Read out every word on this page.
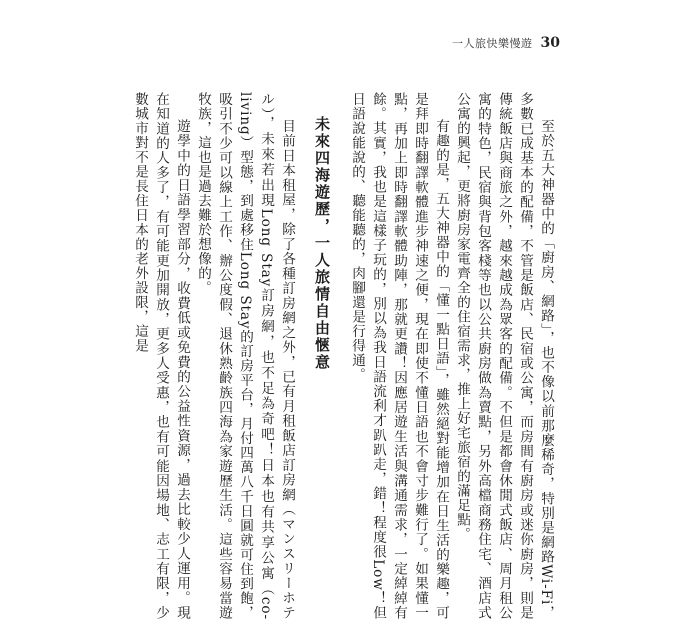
一人旅快樂慢遊 30

至於五大神器中的「廚房、網路」，也不像以前那麼稀奇，特別是網路Wi-Fi，多數已成基本的配備，不管是飯店、民宿或公寓，而房間有廚房或迷你廚房，則是傳統飯店與商旅之外，越來越成為眾客的配備。不但是都會休閒式飯店、周月租公寓的特色，民宿與背包客棧等也以公共廚房做為賣點，另外高檔商務住宅、酒店式公寓的興起，更將廚房家電齊全的住宿需求，推上好宅旅宿的滿足點。

有趣的是，五大神器中的「懂一點日語」，雖然絕對能增加在日生活的樂趣，可是拜即時翻譯軟體進步神速之便，現在即使不懂日語也不會寸步難行了。如果懂一點，再加上即時翻譯軟體助陣，那就更讚！因應居遊生活與溝通需求，一定綽綽有餘。其實，我也是這樣子玩的，別以為我日語流利才趴趴走，錯！程度很Low！但日語說能說的、聽能聽的，肉腳還是行得通。

未來四海遊歷，一人旅情自由愜意

目前日本租屋，除了各種訂房網之外，已有月租飯店訂房網（マンスリーホテル），未來若出現Long Stay訂房網，也不足為奇吧！日本也有共享公寓（co-living）型態，到處移住Long Stay的訂房平台，月付四萬八千日圓就可住到飽，吸引不少可以線上工作、辦公度假、退休熟齡族四海為家遊歷生活。這些容易當遊牧族，這也是過去難於想像的。

遊學中的日語學習部分，收費低或免費的公益性資源，過去比較少人運用。現在知道的人多了，有可能更加開放，更多人受惠，也有可能因場地、志工有限，少數城市對不是長住日本的老外設限，這是
